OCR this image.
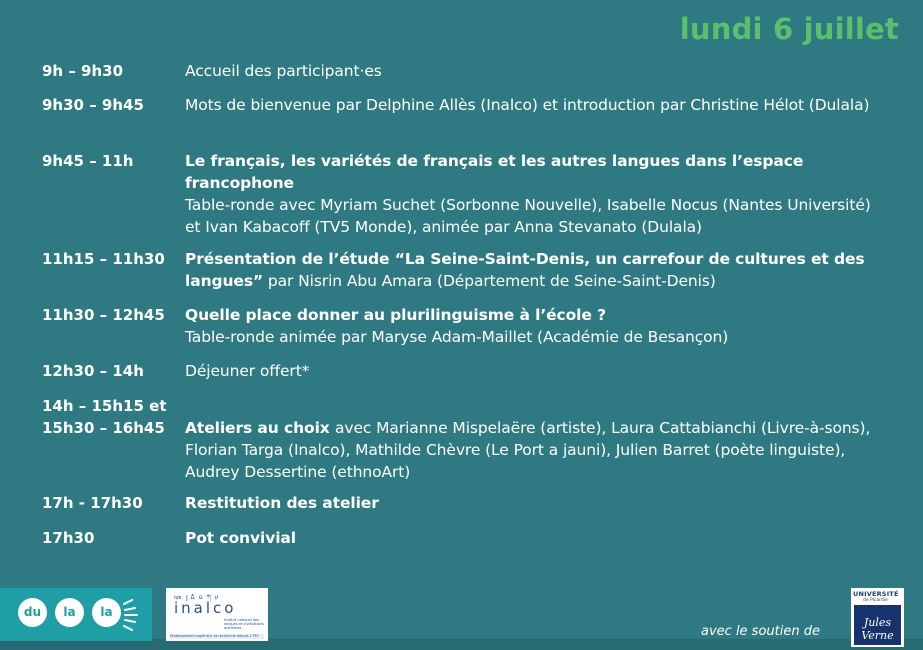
lundi 6 juillet
9h – 9h30	Accueil des participant·es
9h30 – 9h45	Mots de bienvenue par Delphine Allès (Inalco) et introduction par Christine Hélot (Dulala)
9h45 – 11h	Le français, les variétés de français et les autres langues dans l’espace francophone
Table-ronde avec Myriam Suchet (Sorbonne Nouvelle), Isabelle Nocus (Nantes Université) et Ivan Kabacoff (TV5 Monde), animée par Anna Stevanato (Dulala)
11h15 – 11h30	Présentation de l’étude “La Seine-Saint-Denis, un carrefour de cultures et des langues” par Nisrin Abu Amara (Département de Seine-Saint-Denis)
11h30 – 12h45	Quelle place donner au plurilinguisme à l’école ?
Table-ronde animée par Maryse Adam-Maillet (Académie de Besançon)
12h30 – 14h	Déjeuner offert*
14h – 15h15 et
15h30 – 16h45	Ateliers au choix avec Marianne Mispelaëre (artiste), Laura Cattabianchi (Livre-à-sons), Florian Targa (Inalco), Mathilde Chèvre (Le Port a jauni), Julien Barret (poète linguiste), Audrey Dessertine (ethnoArt)
17h - 17h30	Restitution des atelier
17h30	Pot convivial
du	la	la
ꦲ ٳ ᐃ ฉ ཀ ע
inalco
Institut national des langues et civilisations orientales
Établissement supérieur et recherche depuis 1795	avec le soutien de
UNIVERSITÉ
de Picardie
Jules Verne
